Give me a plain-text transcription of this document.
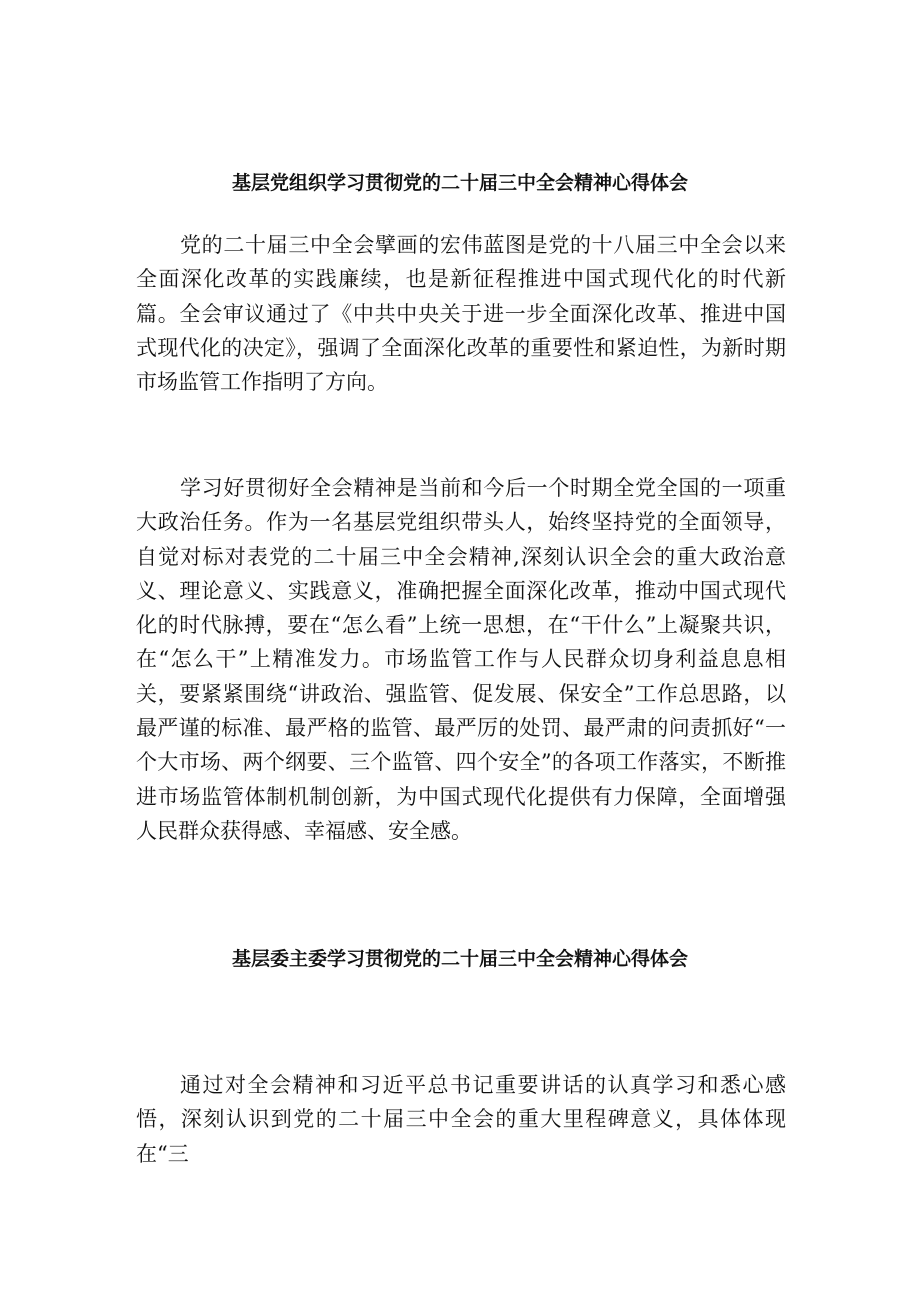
基层党组织学习贯彻党的二十届三中全会精神心得体会

党的二十届三中全会擘画的宏伟蓝图是党的十八届三中全会以来全面深化改革的实践廉续，也是新征程推进中国式现代化的时代新篇。全会审议通过了《中共中央关于进一步全面深化改革、推进中国式现代化的决定》，强调了全面深化改革的重要性和紧迫性，为新时期市场监管工作指明了方向。

学习好贯彻好全会精神是当前和今后一个时期全党全国的一项重大政治任务。作为一名基层党组织带头人，始终坚持党的全面领导，自觉对标对表党的二十届三中全会精神,深刻认识全会的重大政治意义、理论意义、实践意义，准确把握全面深化改革，推动中国式现代化的时代脉搏，要在“怎么看”上统一思想，在“干什么”上凝聚共识，在“怎么干”上精准发力。市场监管工作与人民群众切身利益息息相关，要紧紧围绕“讲政治、强监管、促发展、保安全”工作总思路，以最严谨的标准、最严格的监管、最严厉的处罚、最严肃的问责抓好“一个大市场、两个纲要、三个监管、四个安全”的各项工作落实，不断推进市场监管体制机制创新，为中国式现代化提供有力保障，全面增强人民群众获得感、幸福感、安全感。

基层委主委学习贯彻党的二十届三中全会精神心得体会

通过对全会精神和习近平总书记重要讲话的认真学习和悉心感悟，深刻认识到党的二十届三中全会的重大里程碑意义，具体体现在“三
